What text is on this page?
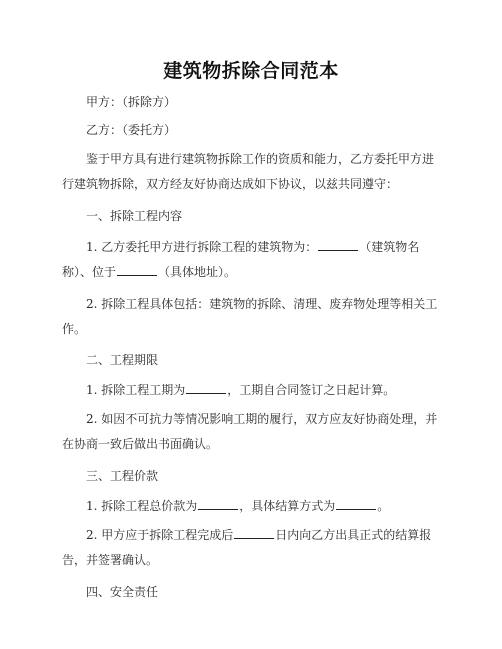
建筑物拆除合同范本

甲方：（拆除方）

乙方：（委托方）

鉴于甲方具有进行建筑物拆除工作的资质和能力，乙方委托甲方进
行建筑物拆除，双方经友好协商达成如下协议，以兹共同遵守：

一、拆除工程内容

1. 乙方委托甲方进行拆除工程的建筑物为：	（建筑物名
称）、位于	（具体地址）。

2. 拆除工程具体包括：建筑物的拆除、清理、废弃物处理等相关工
作。

二、工程期限

1. 拆除工程工期为	，工期自合同签订之日起计算。

2. 如因不可抗力等情况影响工期的履行，双方应友好协商处理，并
在协商一致后做出书面确认。

三、工程价款

1. 拆除工程总价款为	，具体结算方式为	。

2. 甲方应于拆除工程完成后	日内向乙方出具正式的结算报
告，并签署确认。

四、安全责任
